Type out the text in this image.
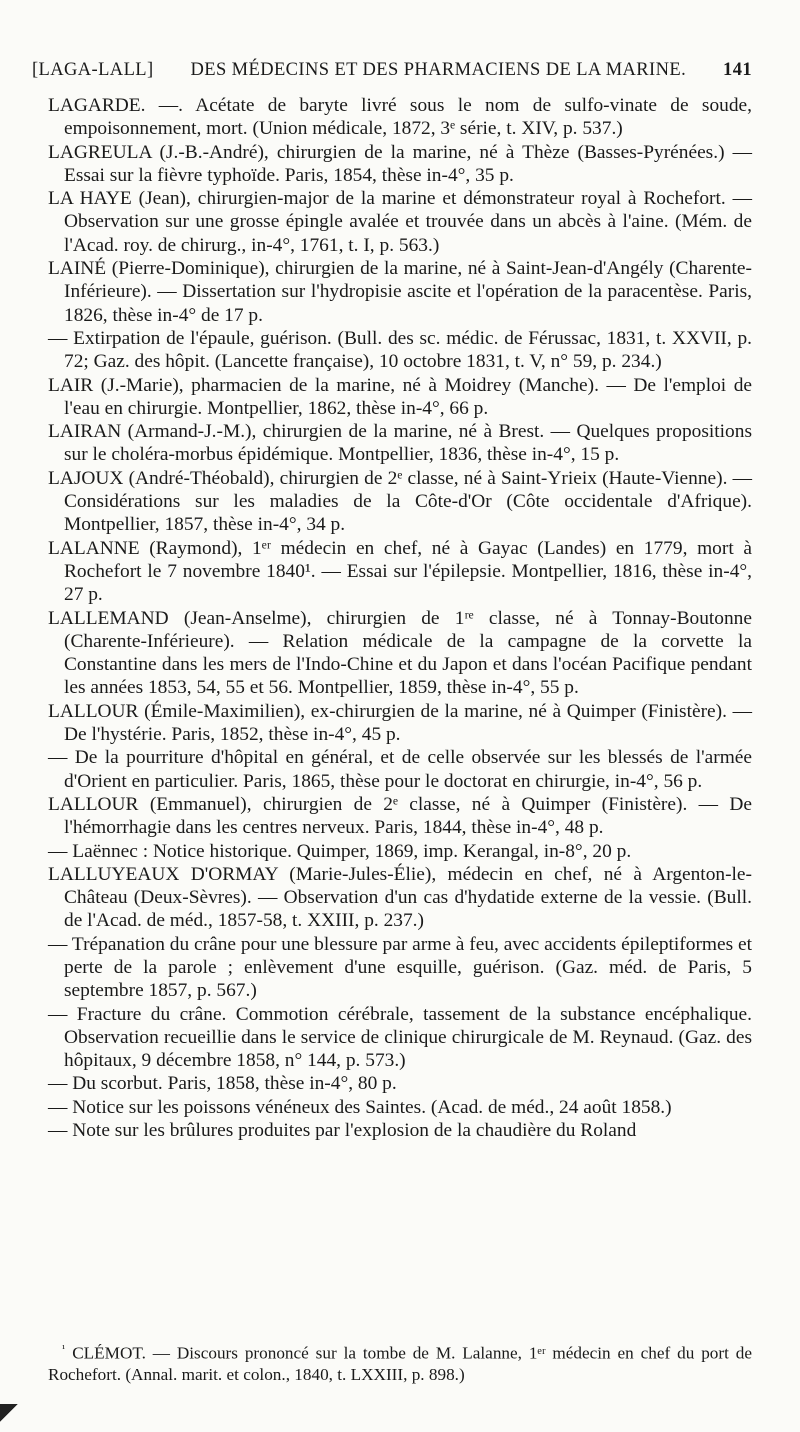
[LAGA-LALL]	DES MÉDECINS ET DES PHARMACIENS DE LA MARINE.	141

LAGARDE. —. Acétate de baryte livré sous le nom de sulfo-vinate de soude, empoisonnement, mort. (Union médicale, 1872, 3ᵉ série, t. XIV, p. 537.)

LAGREULA (J.-B.-André), chirurgien de la marine, né à Thèze (Basses-Pyrénées.) — Essai sur la fièvre typhoïde. Paris, 1854, thèse in-4°, 35 p.

LA HAYE (Jean), chirurgien-major de la marine et démonstrateur royal à Rochefort. — Observation sur une grosse épingle avalée et trouvée dans un abcès à l'aine. (Mém. de l'Acad. roy. de chirurg., in-4°, 1761, t. I, p. 563.)

LAINÉ (Pierre-Dominique), chirurgien de la marine, né à Saint-Jean-d'Angély (Charente-Inférieure). — Dissertation sur l'hydropisie ascite et l'opération de la paracentèse. Paris, 1826, thèse in-4° de 17 p.

— Extirpation de l'épaule, guérison. (Bull. des sc. médic. de Férussac, 1831, t. XXVII, p. 72; Gaz. des hôpit. (Lancette française), 10 octobre 1831, t. V, n° 59, p. 234.)

LAIR (J.-Marie), pharmacien de la marine, né à Moidrey (Manche). — De l'emploi de l'eau en chirurgie. Montpellier, 1862, thèse in-4°, 66 p.

LAIRAN (Armand-J.-M.), chirurgien de la marine, né à Brest. — Quelques propositions sur le choléra-morbus épidémique. Montpellier, 1836, thèse in-4°, 15 p.

LAJOUX (André-Théobald), chirurgien de 2ᵉ classe, né à Saint-Yrieix (Haute-Vienne). — Considérations sur les maladies de la Côte-d'Or (Côte occidentale d'Afrique). Montpellier, 1857, thèse in-4°, 34 p.

LALANNE (Raymond), 1ᵉʳ médecin en chef, né à Gayac (Landes) en 1779, mort à Rochefort le 7 novembre 1840¹. — Essai sur l'épilepsie. Montpellier, 1816, thèse in-4°, 27 p.

LALLEMAND (Jean-Anselme), chirurgien de 1ʳᵉ classe, né à Tonnay-Boutonne (Charente-Inférieure). — Relation médicale de la campagne de la corvette la Constantine dans les mers de l'Indo-Chine et du Japon et dans l'océan Pacifique pendant les années 1853, 54, 55 et 56. Montpellier, 1859, thèse in-4°, 55 p.

LALLOUR (Émile-Maximilien), ex-chirurgien de la marine, né à Quimper (Finistère). — De l'hystérie. Paris, 1852, thèse in-4°, 45 p.

— De la pourriture d'hôpital en général, et de celle observée sur les blessés de l'armée d'Orient en particulier. Paris, 1865, thèse pour le doctorat en chirurgie, in-4°, 56 p.

LALLOUR (Emmanuel), chirurgien de 2ᵉ classe, né à Quimper (Finistère). — De l'hémorrhagie dans les centres nerveux. Paris, 1844, thèse in-4°, 48 p.

— Laënnec : Notice historique. Quimper, 1869, imp. Kerangal, in-8°, 20 p.

LALLUYEAUX D'ORMAY (Marie-Jules-Élie), médecin en chef, né à Argenton-le-Château (Deux-Sèvres). — Observation d'un cas d'hydatide externe de la vessie. (Bull. de l'Acad. de méd., 1857-58, t. XXIII, p. 237.)

— Trépanation du crâne pour une blessure par arme à feu, avec accidents épileptiformes et perte de la parole ; enlèvement d'une esquille, guérison. (Gaz. méd. de Paris, 5 septembre 1857, p. 567.)

— Fracture du crâne. Commotion cérébrale, tassement de la substance encéphalique. Observation recueillie dans le service de clinique chirurgicale de M. Reynaud. (Gaz. des hôpitaux, 9 décembre 1858, n° 144, p. 573.)

— Du scorbut. Paris, 1858, thèse in-4°, 80 p.

— Notice sur les poissons vénéneux des Saintes. (Acad. de méd., 24 août 1858.)

— Note sur les brûlures produites par l'explosion de la chaudière du Roland

$^{^1}$ CLÉMOT. — Discours prononcé sur la tombe de M. Lalanne, 1ᵉʳ médecin en chef du port de Rochefort. (Annal. marit. et colon., 1840, t. LXXIII, p. 898.)
